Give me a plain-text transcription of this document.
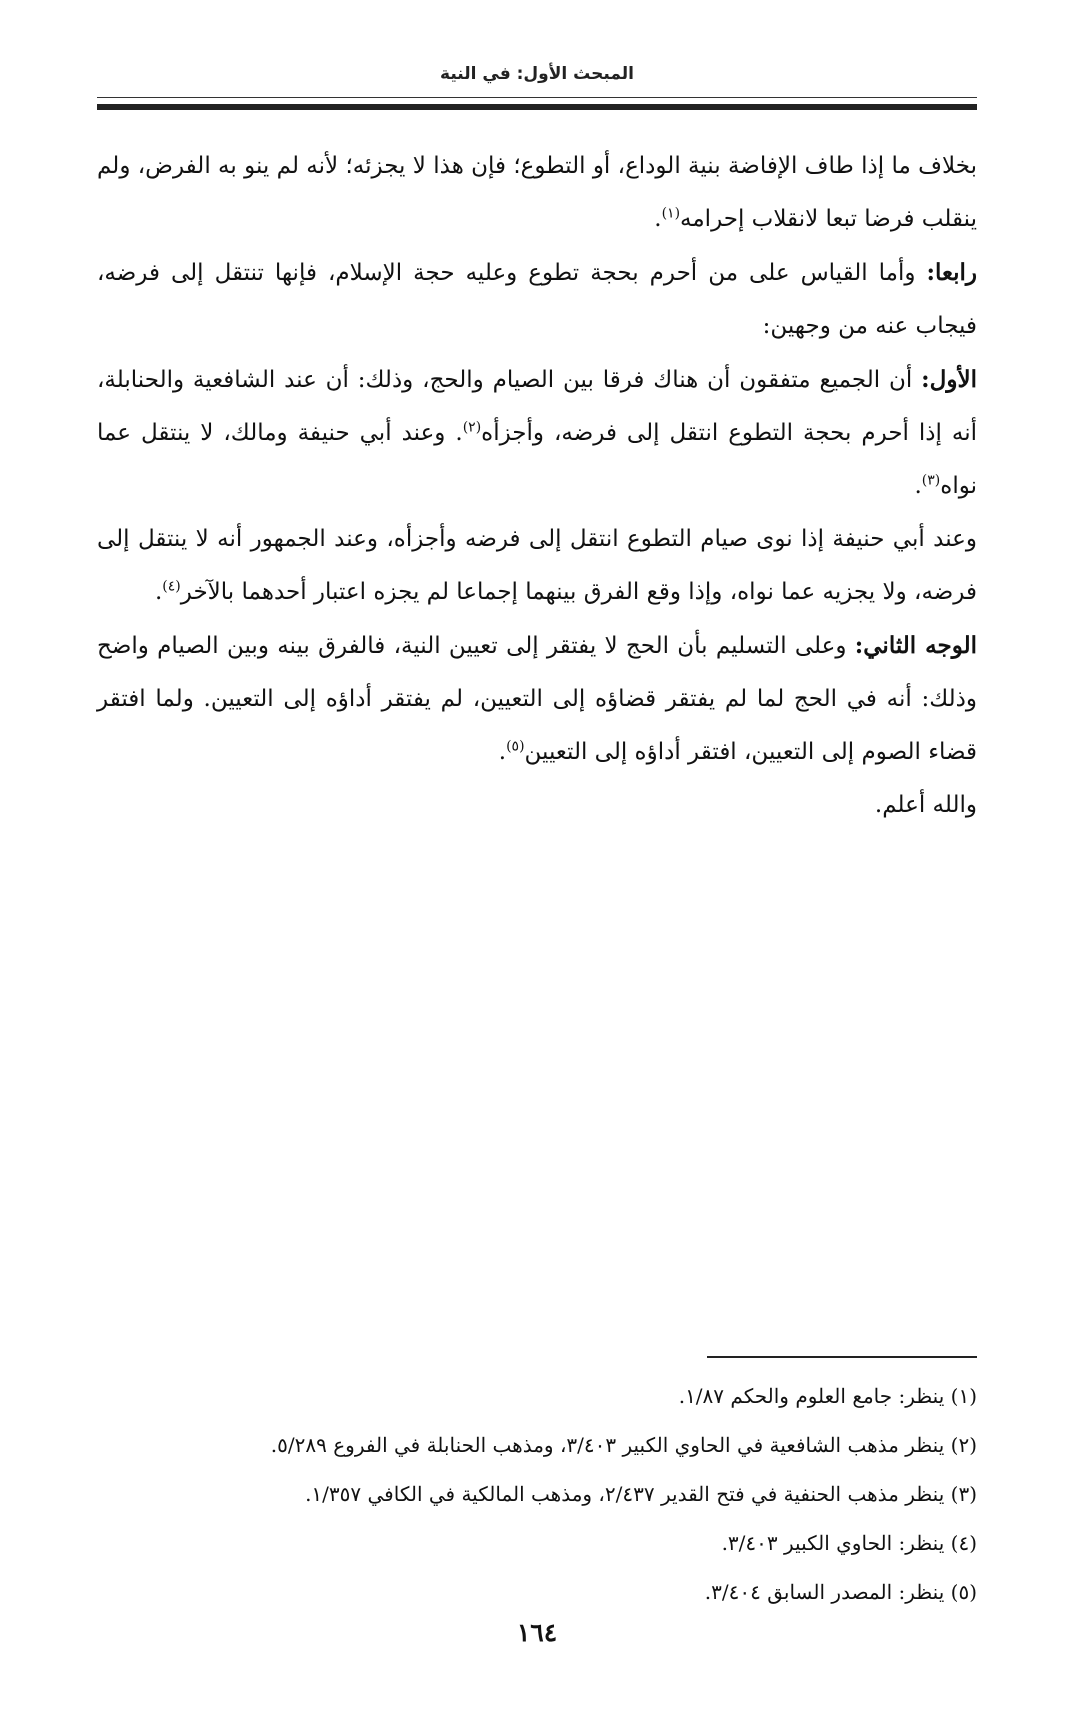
المبحث الأول: في النية

بخلاف ما إذا طاف الإفاضة بنية الوداع، أو التطوع؛ فإن هذا لا يجزئه؛ لأنه لم ينو به الفرض، ولم ينقلب فرضا تبعا لانقلاب إحرامه$^{(١)}$.

رابعا: وأما القياس على من أحرم بحجة تطوع وعليه حجة الإسلام، فإنها تنتقل إلى فرضه، فيجاب عنه من وجهين:

الأول: أن الجميع متفقون أن هناك فرقا بين الصيام والحج، وذلك: أن عند الشافعية والحنابلة، أنه إذا أحرم بحجة التطوع انتقل إلى فرضه، وأجزأه$^{(٢)}$. وعند أبي حنيفة ومالك، لا ينتقل عما نواه$^{(٣)}$.

وعند أبي حنيفة إذا نوى صيام التطوع انتقل إلى فرضه وأجزأه، وعند الجمهور أنه لا ينتقل إلى فرضه، ولا يجزيه عما نواه، وإذا وقع الفرق بينهما إجماعا لم يجزه اعتبار أحدهما بالآخر$^{(٤)}$.

الوجه الثاني: وعلى التسليم بأن الحج لا يفتقر إلى تعيين النية، فالفرق بينه وبين الصيام واضح وذلك: أنه في الحج لما لم يفتقر قضاؤه إلى التعيين، لم يفتقر أداؤه إلى التعيين. ولما افتقر قضاء الصوم إلى التعيين، افتقر أداؤه إلى التعيين$^{(٥)}$.

والله أعلم.

(١) ينظر: جامع العلوم والحكم ١/٨٧.

(٢) ينظر مذهب الشافعية في الحاوي الكبير ٣/٤٠٣، ومذهب الحنابلة في الفروع ٥/٢٨٩.

(٣) ينظر مذهب الحنفية في فتح القدير ٢/٤٣٧، ومذهب المالكية في الكافي ١/٣٥٧.

(٤) ينظر: الحاوي الكبير ٣/٤٠٣.

(٥) ينظر: المصدر السابق ٣/٤٠٤.

١٦٤
